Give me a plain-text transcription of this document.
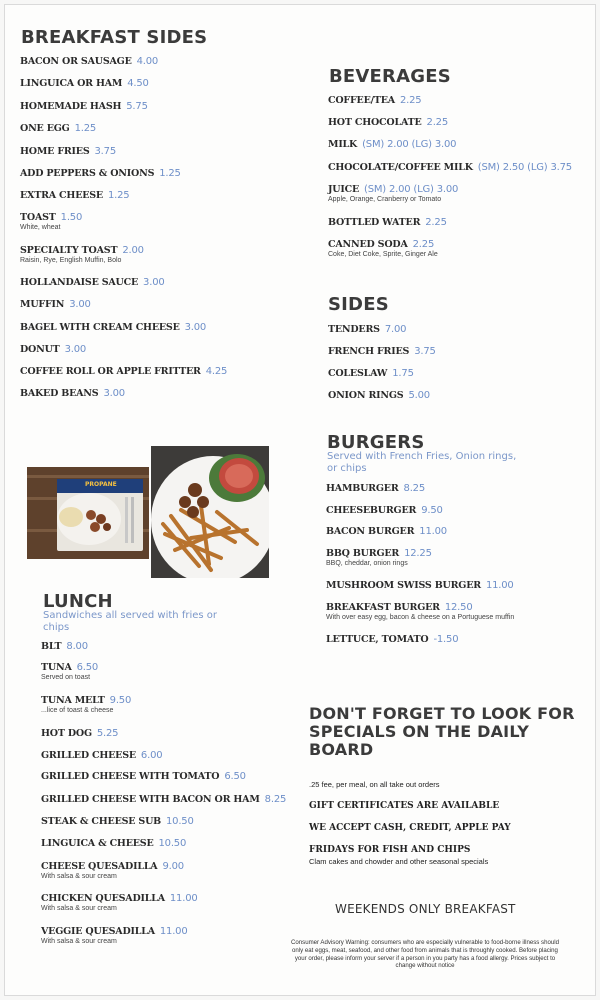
BREAKFAST SIDES
BACON OR SAUSAGE 4.00
LINGUICA OR HAM 4.50
HOMEMADE HASH 5.75
ONE EGG 1.25
HOME FRIES 3.75
ADD PEPPERS & ONIONS 1.25
EXTRA CHEESE 1.25
TOAST 1.50
White, wheat
SPECIALTY TOAST 2.00
Raisin, Rye, English Muffin, Bolo
HOLLANDAISE SAUCE 3.00
MUFFIN 3.00
BAGEL WITH CREAM CHEESE 3.00
DONUT 3.00
COFFEE ROLL OR APPLE FRITTER 4.25
BAKED BEANS 3.00
BEVERAGES
COFFEE/TEA 2.25
HOT CHOCOLATE 2.25
MILK (SM) 2.00 (LG) 3.00
CHOCOLATE/COFFEE MILK (SM) 2.50 (LG) 3.75
JUICE (SM) 2.00 (LG) 3.00
Apple, Orange, Cranberry or Tomato
BOTTLED WATER 2.25
CANNED SODA 2.25
Coke, Diet Coke, Sprite, Ginger Ale
SIDES
TENDERS 7.00
FRENCH FRIES 3.75
COLESLAW 1.75
ONION RINGS 5.00
BURGERS
Served with French Fries, Onion rings,
or chips
HAMBURGER 8.25
CHEESEBURGER 9.50
BACON BURGER 11.00
BBQ BURGER 12.25
BBQ, cheddar, onion rings
MUSHROOM SWISS BURGER 11.00
BREAKFAST BURGER 12.50
With over easy egg, bacon & cheese on a Portuguese muffin
LETTUCE, TOMATO -1.50
PROPANE
LUNCH
Sandwiches all served with fries or
chips
BLT 8.00
TUNA 6.50
Served on toast
TUNA MELT 9.50
...lice of toast & cheese
HOT DOG 5.25
GRILLED CHEESE 6.00
GRILLED CHEESE WITH TOMATO 6.50
GRILLED CHEESE WITH BACON OR HAM 8.25
STEAK & CHEESE SUB 10.50
LINGUICA & CHEESE 10.50
CHEESE QUESADILLA 9.00
With salsa & sour cream
CHICKEN QUESADILLA 11.00
With salsa & sour cream
VEGGIE QUESADILLA 11.00
With salsa & sour cream
DON'T FORGET TO LOOK FOR
SPECIALS ON THE DAILY
BOARD
.25 fee, per meal, on all take out orders
GIFT CERTIFICATES ARE AVAILABLE
WE ACCEPT CASH, CREDIT, APPLE PAY
FRIDAYS FOR FISH AND CHIPS
Clam cakes and chowder and other seasonal specials
WEEKENDS ONLY BREAKFAST
Consumer Advisory Warning: consumers who are especially vulnerable to food-borne illness should
only eat eggs, meat, seafood, and other food from animals that is throughly cooked. Before placing
your order, please inform your server if a person in you party has a food allergy. Prices subject to
change without notice
